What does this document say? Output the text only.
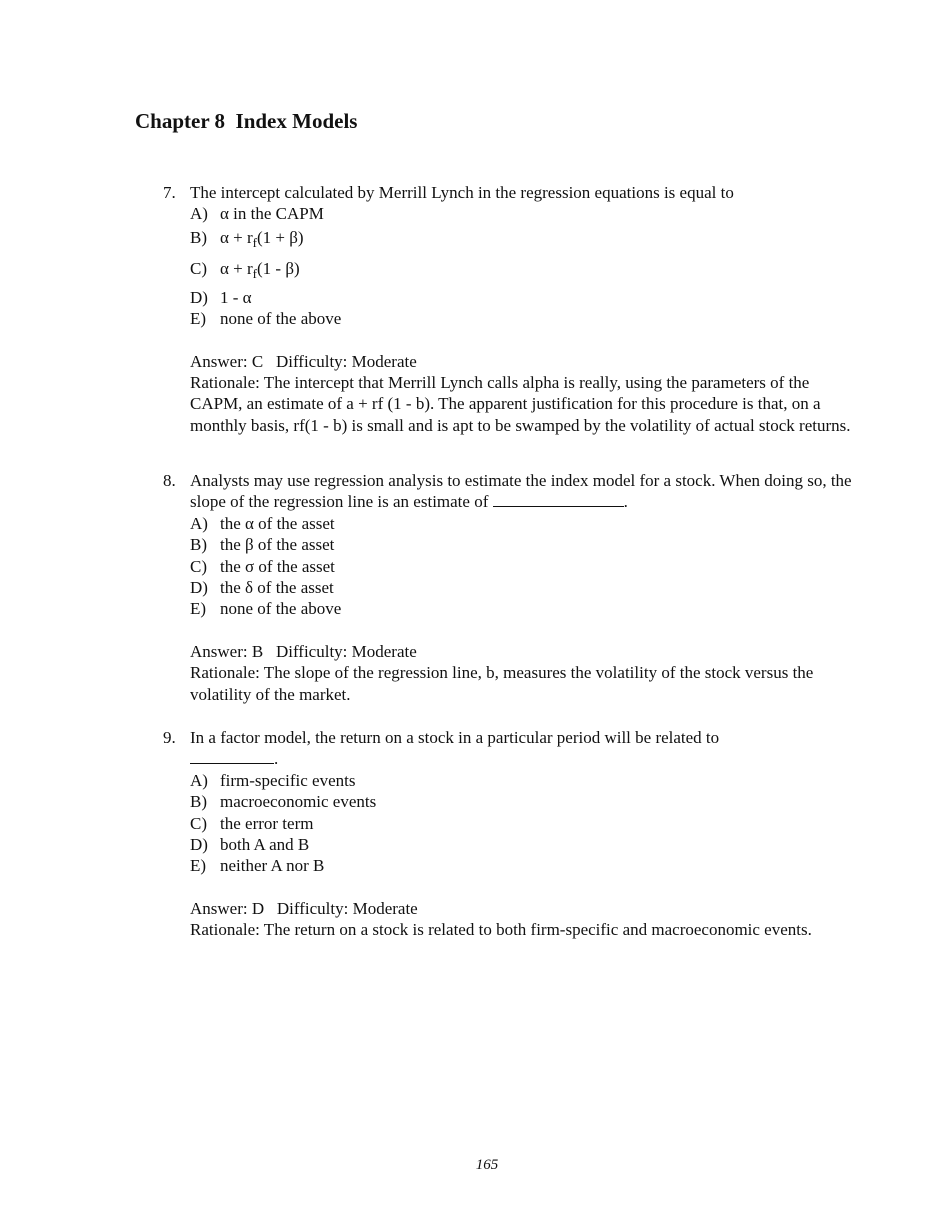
Chapter 8  Index Models
7. The intercept calculated by Merrill Lynch in the regression equations is equal to
A) α in the CAPM
B) $\alpha + r_f(1 + \beta)$
C) $\alpha + r_f(1 - \beta)$
D) 1 - α
E) none of the above
Answer: C   Difficulty: Moderate
Rationale: The intercept that Merrill Lynch calls alpha is really, using the parameters of the CAPM, an estimate of a + rf (1 - b). The apparent justification for this procedure is that, on a monthly basis, rf(1 - b) is small and is apt to be swamped by the volatility of actual stock returns.
8. Analysts may use regression analysis to estimate the index model for a stock. When doing so, the slope of the regression line is an estimate of	.
A) the α of the asset
B) the β of the asset
C) the σ of the asset
D) the δ of the asset
E) none of the above
Answer: B   Difficulty: Moderate
Rationale: The slope of the regression line, b, measures the volatility of the stock versus the volatility of the market.
9. In a factor model, the return on a stock in a particular period will be related to
.
A) firm-specific events
B) macroeconomic events
C) the error term
D) both A and B
E) neither A nor B
Answer: D   Difficulty: Moderate
Rationale: The return on a stock is related to both firm-specific and macroeconomic events.
165
